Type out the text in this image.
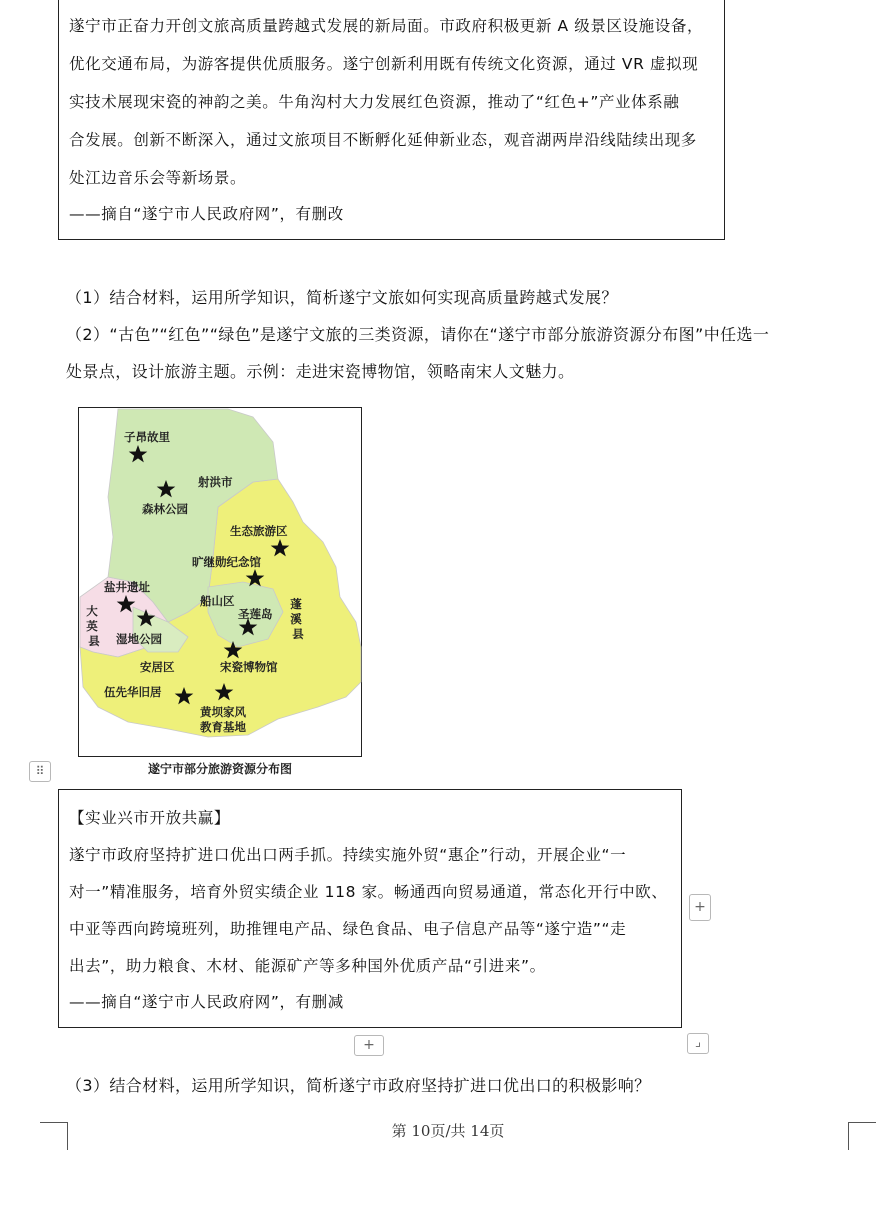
遂宁市正奋力开创文旅高质量跨越式发展的新局面。市政府积极更新 A 级景区设施设备，
优化交通布局，为游客提供优质服务。遂宁创新利用既有传统文化资源，通过 VR 虚拟现
实技术展现宋瓷的神韵之美。牛角沟村大力发展红色资源，推动了“红色+”产业体系融
合发展。创新不断深入，通过文旅项目不断孵化延伸新业态，观音湖两岸沿线陆续出现多
处江边音乐会等新场景。
——摘自“遂宁市人民政府网”，有删改
（1）结合材料，运用所学知识，简析遂宁文旅如何实现高质量跨越式发展？
（2）“古色”“红色”“绿色”是遂宁文旅的三类资源，请你在“遂宁市部分旅游资源分布图”中任选一
处景点，设计旅游主题。示例：走进宋瓷博物馆，领略南宋人文魅力。
子昂故里
射洪市
森林公园
生态旅游区
旷继勋纪念馆
盐井遗址
船山区
圣莲岛
湿地公园
安居区	宋瓷博物馆
伍先华旧居
黄坝家风
教育基地
蓬 溪 县
大 英 县
遂宁市部分旅游资源分布图
⠿
【实业兴市开放共赢】
遂宁市政府坚持扩进口优出口两手抓。持续实施外贸“惠企”行动，开展企业“一
对一”精准服务，培育外贸实绩企业 118 家。畅通西向贸易通道，常态化开行中欧、
中亚等西向跨境班列，助推锂电产品、绿色食品、电子信息产品等“遂宁造”“走
出去”，助力粮食、木材、能源矿产等多种国外优质产品“引进来”。
——摘自“遂宁市人民政府网”，有删减
+
+	⌟
（3）结合材料，运用所学知识，简析遂宁市政府坚持扩进口优出口的积极影响？
第 10页/共 14页
